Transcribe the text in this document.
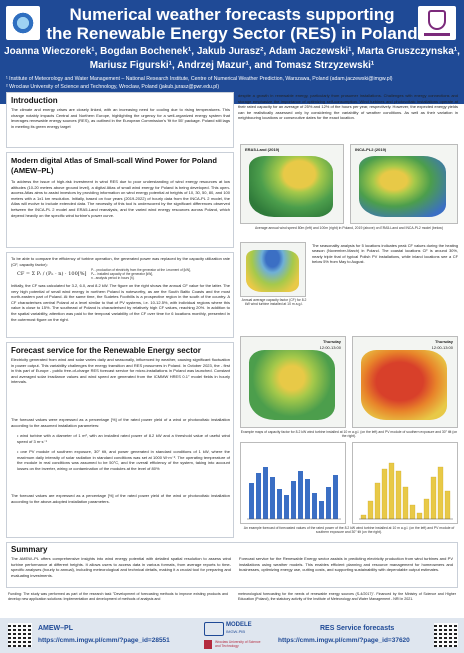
Numerical weather forecasts supporting
the Renewable Energy Sector (RES) in Poland
Joanna Wieczorek¹, Bogdan Bochenek¹, Jakub Jurasz², Adam Jaczewski¹, Marta Gruszczynska¹,
Mariusz Figurski¹, Andrzej Mazur¹, and Tomasz Strzyzewski¹
¹ Institute of Meteorology and Water Management – National Research Institute, Centre of Numerical Weather Prediction, Warszawa, Poland (adam.jaczewski@imgw.pl)
² Wroclaw University of Science and Technology, Wroclaw, Poland (jakub.jurasz@pwr.edu.pl)
Introduction
The climate and energy crises are closely linked, with an increasing need for cooling due to rising temperatures. This change notably impacts Central and Northern Europe, highlighting the urgency for a well-organized energy system that leverages renewable energy sources (RES), as outlined in the European Commission's 'fit for 55' package. Poland still lags in meeting its green energy target
despite a growth in renewable energy, particularly from prosumer installations. Challenges with energy connections and storage emphasize the importance of optimizing self-consumption. Wind turbines and photovoltaic installations operate at their rated capacity for an average of 25% and 12% of the hours per year, respectively. However, the expected energy yields can be realistically assessed only by considering the variability of weather conditions. As well as their variation in neighbouring locations or consecutive dates for the exact location.
Modern digital Atlas of Small-scall Wind Power for Poland (AMEW–PL)
To address the issue of high-risk investment in wind RES due to poor understanding of wind energy resources at low altitudes (10-20 meters above ground level), a digital Atlas of small wind energy for Poland is being developed. This open-access Atlas aims to assist investors by providing information on wind energy potential at heights of 10, 30, 50, 80, and 100 meters with a 1x1 km resolution. Initially, based on four years (2019-2022) of hourly data from the INCA-PL 2 model, the Atlas will evolve to include extended data. The necessity of this tool is underscored by the significant differences observed between the INCA-PL 2 model and ERA5-Land reanalysis, and the varied wind energy resources across Poland, which depend heavily on the specific wind turbine's power curve.
ERA5-Land (2019)	INCA-PL2 (2019)
Average annual wind speed 80m (left) and 100m (right) in Poland, 2019 (above) on ERA5-Land and INCA-PL2 model (below)
To be able to compare the efficiency of turbine operation, the generated power was replaced by the capacity utilization rate (CF, capacity factor):
CF = Σ Pᵢ / (Pₙ · n) · 100[%]
Pᵢ - production of electricity from the generator at the i-moment of [kW],
Pₙ - installed capacity of the generator [kW],
n - analysis period in hours [h].
Initially, the CF was calculated for 3.2, 6.0, and 8.2 kW. The figure on the right shows the annual CF value for the latter. The very high potential of small wind energy in northern Poland is noteworthy, as are the South Baltic Coasts and the most north-eastern part of Poland. At the same time, the Sudetes Foothills is a prospective region in the south of the country. A CF characterises central Poland at a level similar to that of PV systems, i.e. 10-12.5%, with individual regions where this value is close to 15%. The southeast of Poland is characterised by relatively high CF values, reaching 20%. In addition to the spatial variability, attention was paid to the temporal variability of the CF over time for 6 locations monthly, presented in the outermost figure on the right.
The seasonality analysis for 5 locations indicates peak CF values during the heating season (November-March) in Poland. The coastal locations CF is around 30%, nearly triple that of typical Polish PV installations, while inland locations see a CF below 5% from May to August.
Annual average capacity factor (CF) for 8.2 kW wind turbine installed at 10 m a.g.l.
Forecast service for the Renewable Energy sector
Electricity generated from wind and solar varies daily and seasonally, influenced by weather, causing significant fluctuation in power output. This variability challenges the energy transition and RES prosumers in Poland. In October 2023, the - first in this part of Europe - public free-of-charge RES forecast service for micro-installations in Poland was launched. Constant and averaged solar irradiance values and wind speed are generated from the ICMMW HRES 0.1° model fields in hourly intervals.
The forecast values were expressed as a percentage [%] of the rated power yield of a wind or photovoltaic installation according to the assumed installation parameters:
• wind turbine with a diameter of 1 m², with an installed rated power of 8.2 kW and a threshold value of useful wind speed of 3 m·s⁻¹
• one PV module of southern exposure, 30° tilt, and power generated in standard conditions of 1 kW, where the maximum daily intensity of solar radiation in standard conditions was set at 1000 W·m⁻². The operating temperature of the module in real conditions was assumed to be 50°C, and the overall efficiency of the system, taking into account losses on the inverter, wiring or contamination of the modules at the level of 80%
The forecast values are expressed as a percentage [%] of the rated power yield of the wind or photovoltaic installation according to the above-adopted installation parameters.
Thursday
12:00-13:00
Thursday
12:00-13:00
Example maps of capacity factor for 8.2 kW wind turbine installed at 10 m a.g.l. (on the left) and PV module of southern exposure and 30° tilt (on the right).
An example forecast of forecasted values of the rated power of the 8.2 kW wind turbine installed at 10 m a.g.l. (on the left) and PV module of southern exposure and 30° tilt (on the right).
Summary
The AMEW–PL offers comprehensive insights into wind energy potential with detailed spatial resolution to assess wind turbine performance at different heights. It allows users to access data in various formats, from average reports to time-specific analyses (hourly to annual), including meteorological and technical details, making it a crucial tool for preparing and evaluating investments.
Forecast service for the Renewable Energy sector assists in predicting electricity production from wind turbines and PV installations using weather models. This enables efficient planning and resource management for homeowners and businesses, optimizing energy use, cutting costs, and supporting sustainability with dependable output estimates.
Funding: The study was performed as part of the research task "Development of forecasting methods to improve existing products and develop new application solutions: Implementation and development of methods of analysis and
meteorological forecasting for the needs of renewable energy sources (S-4/2017)". Financed by the Ministry of Science and Higher Education (Poland), the statutory activity of the Institute of Meteorology and Water Management - NRI in 2021.
AMEW–PL
https://cmm.imgw.pl/cmm/?page_id=28551
MODELE
IMGW-PIB
Wrocław University of Science and Technology
RES Service forecasts
https://cmm.imgw.pl/cmm/?page_id=37620
